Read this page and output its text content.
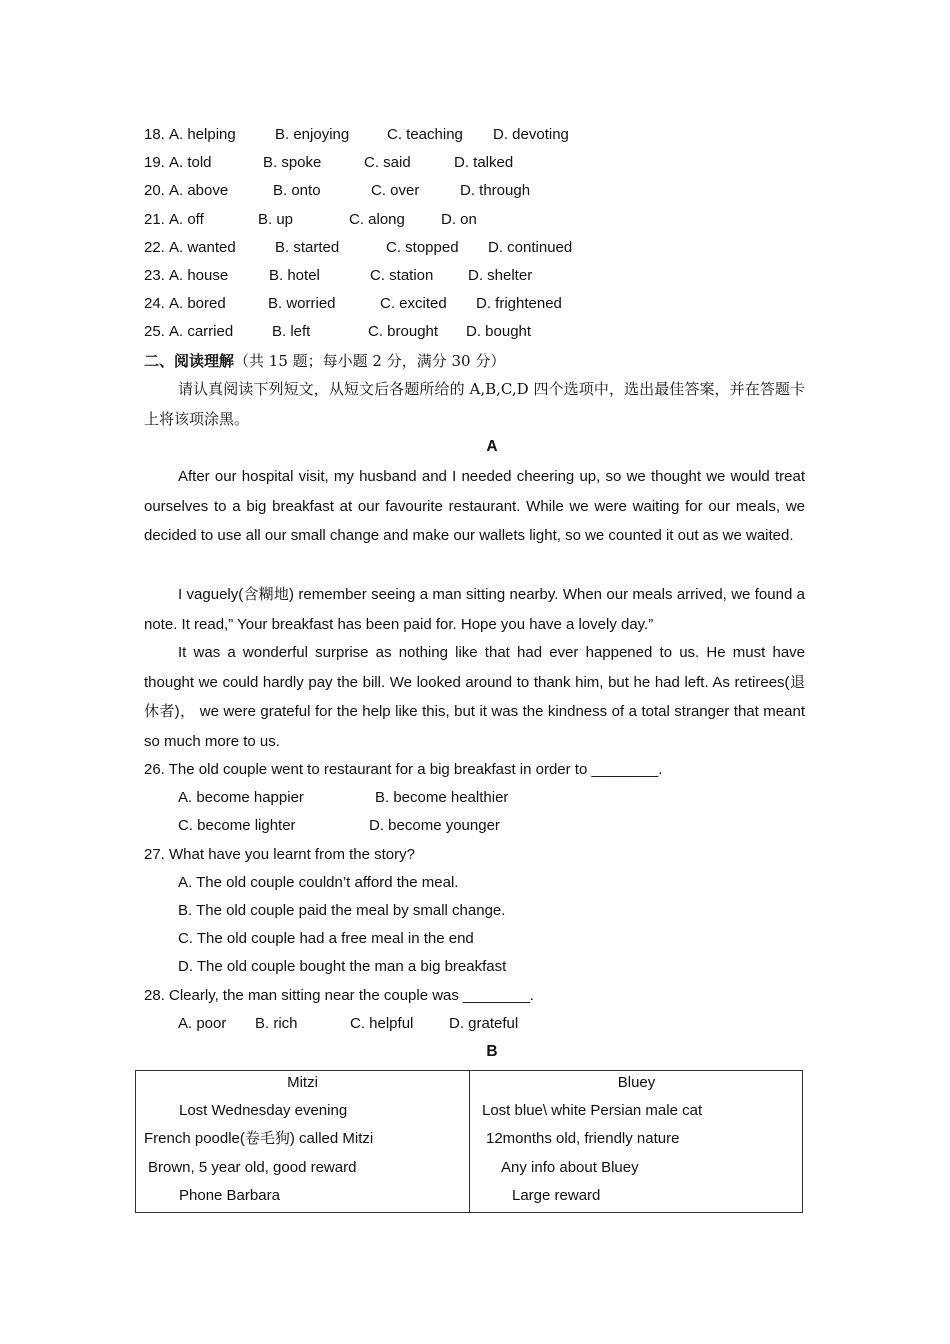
18. A. helping	B. enjoying	C. teaching D. devoting
19. A. told	B. spoke	C. said	D. talked
20. A. above	B. onto	C. over	D. through
21. A. off	B. up	C. along D. on
22. A. wanted	B. started	C. stopped D. continued
23. A. house	B. hotel	C. station D. shelter
24. A. bored	B. worried	C. excited D. frightened
25. A. carried	B. left	C. brought D. bought
二、阅读理解（共 15 题；每小题 2 分，满分 30 分）
请认真阅读下列短文，从短文后各题所给的 A,B,C,D 四个选项中，选出最佳答案，并在答题卡上将该项涂黑。
A
After our hospital visit, my husband and I needed cheering up, so we thought we would treat ourselves to a big breakfast at our favourite restaurant. While we were waiting for our meals, we decided to use all our small change and make our wallets light, so we counted it out as we waited.
I vaguely(含糊地) remember seeing a man sitting nearby. When our meals arrived, we found a note. It read,” Your breakfast has been paid for. Hope you have a lovely day.”
It was a wonderful surprise as nothing like that had ever happened to us. He must have thought we could hardly pay the bill. We looked around to thank him, but he had left. As retirees(退休者)， we were grateful for the help like this, but it was the kindness of a total stranger that meant so much more to us.
26. The old couple went to restaurant for a big breakfast in order to ________.
A. become happier	B. become healthier
C. become lighter	D. become younger
27. What have you learnt from the story?
A. The old couple couldn’t afford the meal.
B. The old couple paid the meal by small change.
C. The old couple had a free meal in the end
D. The old couple bought the man a big breakfast
28. Clearly, the man sitting near the couple was ________.
A. poor B. rich	C. helpful D. grateful
B
Mitzi
Lost Wednesday evening
French poodle(卷毛狗) called Mitzi
Brown, 5 year old, good reward
Phone Barbara
Bluey
Lost blue\ white Persian male cat
12months old, friendly nature
Any info about Bluey
Large reward
